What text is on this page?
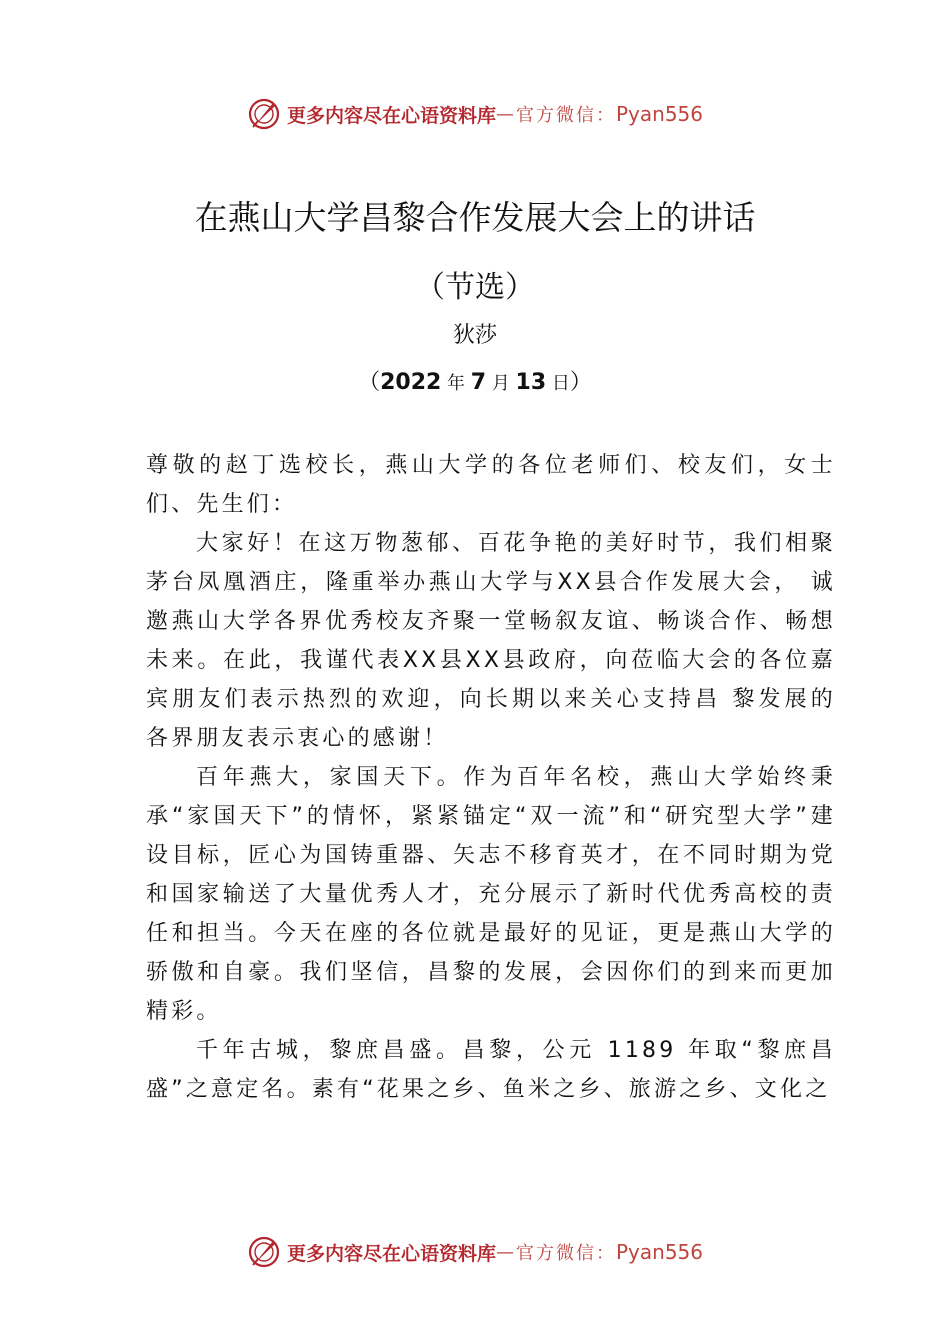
更多内容尽在心语资料库 — 官方微信： Pyan556
在燕山大学昌黎合作发展大会上的讲话
（节选）
狄莎
（2022 年 7 月 13 日）

尊敬的赵丁选校长，燕山大学的各位老师们、校友们，女士们、先生们：

大家好！在这万物葱郁、百花争艳的美好时节，我们相聚茅台凤凰酒庄，隆重举办燕山大学与XX县合作发展大会， 诚邀燕山大学各界优秀校友齐聚一堂畅叙友谊、畅谈合作、畅想未来。在此，我谨代表XX县XX县政府，向莅临大会的各位嘉宾朋友们表示热烈的欢迎，向长期以来关心支持昌 黎发展的各界朋友表示衷心的感谢！

百年燕大，家国天下。作为百年名校，燕山大学始终秉承“家国天下”的情怀，紧紧锚定“双一流”和“研究型大学”建设目标，匠心为国铸重器、矢志不移育英才，在不同时期为党和国家输送了大量优秀人才，充分展示了新时代优秀高校的责任和担当。今天在座的各位就是最好的见证，更是燕山大学的骄傲和自豪。我们坚信，昌黎的发展，会因你们的到来而更加精彩。

千年古城，黎庶昌盛。昌黎，公元 1189 年取“黎庶昌盛”之意定名。素有“花果之乡、鱼米之乡、旅游之乡、文化之

更多内容尽在心语资料库 — 官方微信： Pyan556
